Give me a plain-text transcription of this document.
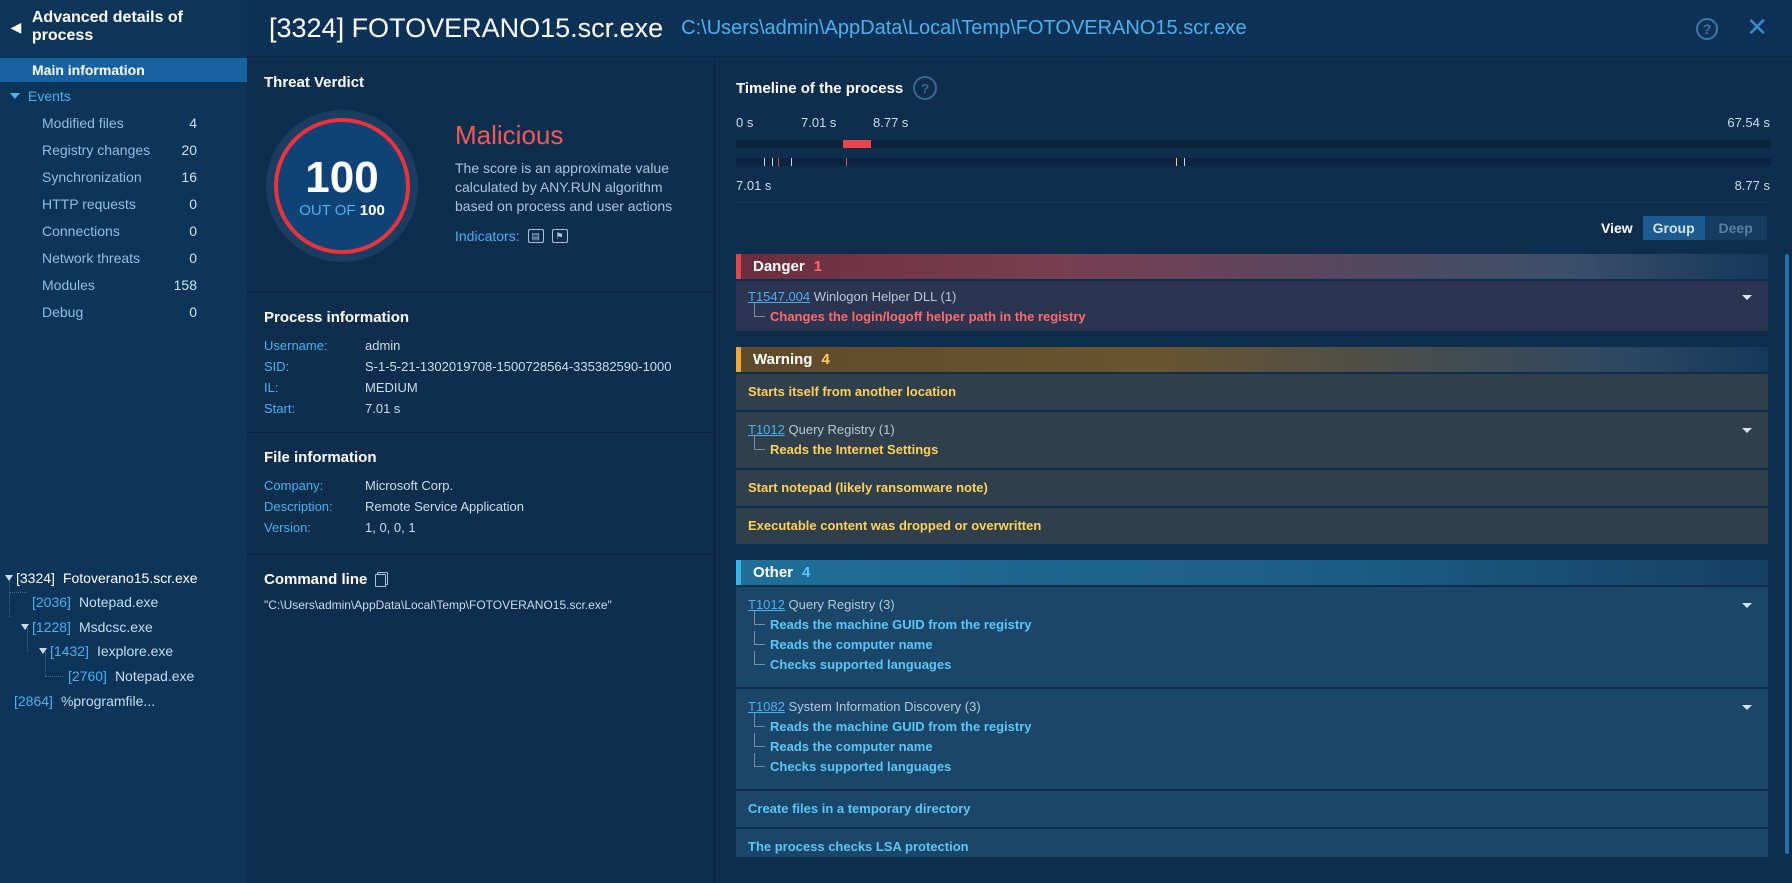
◀
Advanced details of process
Main information
Events
Modified files	4
Registry changes 20
Synchronization	16
HTTP requests	0
Connections	0
Network threats	0
Modules	158
Debug	0
[3324] Fotoverano15.scr.exe
[2036] Notepad.exe
[1228] Msdcsc.exe
[1432] Iexplore.exe
[2760] Notepad.exe
[2864] %programfile...
[3324] FOTOVERANO15.scr.exe C:\Users\admin\AppData\Local\Temp\FOTOVERANO15.scr.exe	? ✕
Threat Verdict
100
OUT OF 100
Malicious
The score is an approximate value calculated by ANY.RUN algorithm based on process and user actions
Indicators:	▤	⚑
Process information
Username:	admin
SID:	S-1-5-21-1302019708-1500728564-335382590-1000
IL:	MEDIUM
Start:	7.01 s
File information
Company:	Microsoft Corp.
Description:	Remote Service Application
Version:	1, 0, 0, 1
Command line
"C:\Users\admin\AppData\Local\Temp\FOTOVERANO15.scr.exe"
Timeline of the process	?
0 s	7.01 s	8.77 s	67.54 s
7.01 s	8.77 s
View	Group	Deep
Danger 1
T1547.004 Winlogon Helper DLL (1)
Changes the login/logoff helper path in the registry
Warning 4
Starts itself from another location
T1012 Query Registry (1)
Reads the Internet Settings
Start notepad (likely ransomware note)
Executable content was dropped or overwritten
Other 4
T1012 Query Registry (3)
Reads the machine GUID from the registry
Reads the computer name
Checks supported languages
T1082 System Information Discovery (3)
Reads the machine GUID from the registry
Reads the computer name
Checks supported languages
Create files in a temporary directory
The process checks LSA protection
